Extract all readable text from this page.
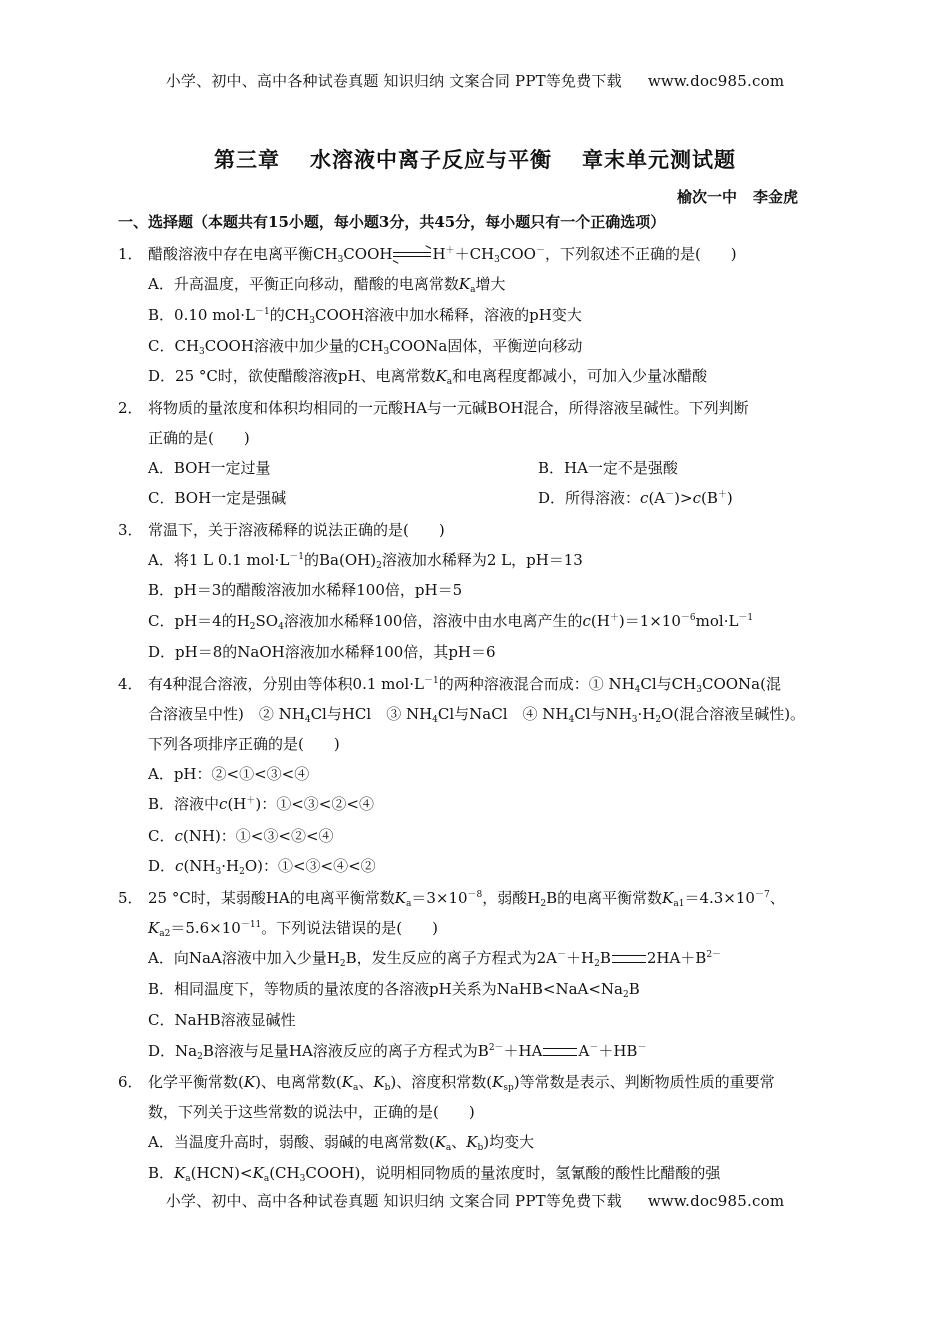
小学、初中、高中各种试卷真题 知识归纳 文案合同 PPT等免费下载 www.doc985.com
第三章 水溶液中离子反应与平衡 章末单元测试题
榆次一中 李金虎
一、选择题（本题共有15小题，每小题3分，共45分，每小题只有一个正确选项）
1． 醋酸溶液中存在电离平衡$CH_3COOH$	$H^++CH_3COO^-$，下列叙述不正确的是(　　)
A．升高温度，平衡正向移动，醋酸的电离常数$K_a$增大
B．0.10 $mol\cdot L^{-1}$的$CH_3COOH$溶液中加水稀释，溶液的pH变大
C．$CH_3COOH$溶液中加少量的$CH_3COONa$固体，平衡逆向移动
D．25 °C时，欲使醋酸溶液pH、电离常数$K_a$和电离程度都减小，可加入少量冰醋酸
2． 将物质的量浓度和体积均相同的一元酸HA与一元碱BOH混合，所得溶液呈碱性。下列判断
正确的是(　　)
A．BOH一定过量	B．HA一定不是强酸
C．BOH一定是强碱	D．所得溶液：c(A－)>c(B＋)
3． 常温下，关于溶液稀释的说法正确的是(　　)
A．将1 L 0.1 $mol\cdot L^{-1}$的$Ba(OH)_2$溶液加水稀释为2 L，pH＝13
B．pH＝3的醋酸溶液加水稀释100倍，pH＝5
C．pH＝4的$H_2SO_4$溶液加水稀释100倍，溶液中由水电离产生的$c(H^+)=1\times 10^{-6}mol\cdot L^{-1}$
D．pH＝8的NaOH溶液加水稀释100倍，其pH＝6
4． 有4种混合溶液，分别由等体积0.1 $mol\cdot L^{-1}$的两种溶液混合而成：① $NH_4Cl$与$CH_3COONa$(混
合溶液呈中性)　② $NH_4Cl$与HCl　③ $NH_4Cl$与NaCl　④ $NH_4Cl$与$NH_3\cdot H_2O$(混合溶液呈碱性)。
下列各项排序正确的是(　　)
A．pH：②<①<③<④
B．溶液中c(H＋)：①<③<②<④
C．c(NH)：①<③<②<④
D．$c(NH_3\cdot H_2O)$：①<③<④<②
5． 25 °C时，某弱酸HA的电离平衡常数$K_a=3\times 10^{-8}$，弱酸$H_2B$的电离平衡常数$K_{a1}=4.3\times 10^{-7}$、
$K_{a2}=5.6\times 10^{-11}$。下列说法错误的是(　　)
A．向NaA溶液中加入少量$H_2B$，发生反应的离子方程式为$2A^-+H_2B$ $2HA+B^{2-}$
B．相同温度下，等物质的量浓度的各溶液pH关系为$NaHB<NaA<Na_2B$
C．NaHB溶液显碱性
D．$Na_2B$溶液与足量HA溶液反应的离子方程式为$B^{2-}+HA$ A－＋HB－
6． 化学平衡常数(K)、电离常数($K_a$、$K_b$)、溶度积常数$(K_{sp})$等常数是表示、判断物质性质的重要常
数，下列关于这些常数的说法中，正确的是(　　)
A．当温度升高时，弱酸、弱碱的电离常数($K_a$、$K_b$)均变大
B．$K_a(HCN)<K_a(CH_3COOH)$，说明相同物质的量浓度时，氢氰酸的酸性比醋酸的强
小学、初中、高中各种试卷真题 知识归纳 文案合同 PPT等免费下载 www.doc985.com
